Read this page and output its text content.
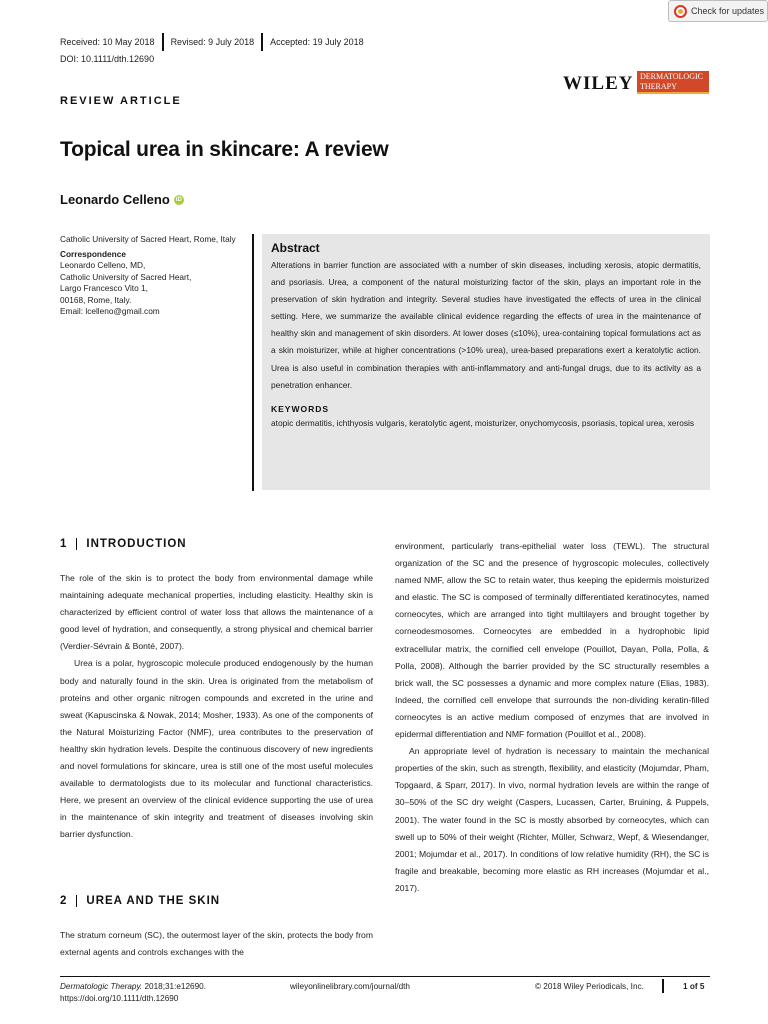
Check for updates
Received: 10 May 2018 Revised: 9 July 2018 Accepted: 19 July 2018
DOI: 10.1111/dth.12690
WILEY DERMATOLOGIC
THERAPY
REVIEW ARTICLE
Topical urea in skincare: A review
Leonardo Celleno	iD
Catholic University of Sacred Heart, Rome, Italy
Correspondence
Leonardo Celleno, MD,
Catholic University of Sacred Heart,
Largo Francesco Vito 1,
00168, Rome, Italy.
Email: lcelleno@gmail.com
Abstract
Alterations in barrier function are associated with a number of skin diseases, including xerosis, atopic dermatitis, and psoriasis. Urea, a component of the natural moisturizing factor of the skin, plays an important role in the preservation of skin hydration and integrity. Several studies have investigated the effects of urea in the clinical setting. Here, we summarize the available clinical evidence regarding the effects of urea in the maintenance of healthy skin and management of skin disorders. At lower doses (≤10%), urea-containing topical formulations act as a skin moisturizer, while at higher concentrations (>10% urea), urea-based preparations exert a keratolytic action. Urea is also useful in combination therapies with anti-inflammatory and anti-fungal drugs, due to its activity as a penetration enhancer.
KEYWORDS
atopic dermatitis, ichthyosis vulgaris, keratolytic agent, moisturizer, onychomycosis, psoriasis, topical urea, xerosis
1 INTRODUCTION

The role of the skin is to protect the body from environmental damage while maintaining adequate mechanical properties, including elasticity. Healthy skin is characterized by efficient control of water loss that allows the maintenance of a good level of hydration, and consequently, a strong physical and chemical barrier (Verdier-Sévrain & Bonté, 2007).

Urea is a polar, hygroscopic molecule produced endogenously by the human body and naturally found in the skin. Urea is originated from the metabolism of proteins and other organic nitrogen compounds and excreted in the urine and sweat (Kapuscinska & Nowak, 2014; Mosher, 1933). As one of the components of the Natural Moisturizing Factor (NMF), urea contributes to the preservation of healthy skin hydration levels. Despite the continuous discovery of new ingredients and novel formulations for skincare, urea is still one of the most useful molecules available to dermatologists due to its molecular and functional characteristics. Here, we present an overview of the clinical evidence supporting the use of urea in the maintenance of skin integrity and treatment of diseases involving skin barrier dysfunction.

2 UREA AND THE SKIN

The stratum corneum (SC), the outermost layer of the skin, protects the body from external agents and controls exchanges with the

environment, particularly trans-epithelial water loss (TEWL). The structural organization of the SC and the presence of hygroscopic molecules, collectively named NMF, allow the SC to retain water, thus keeping the epidermis moisturized and elastic. The SC is composed of terminally differentiated keratinocytes, named corneocytes, which are arranged into tight multilayers and brought together by corneodesmosomes. Corneocytes are embedded in a hydrophobic lipid extracellular matrix, the cornified cell envelope (Pouillot, Dayan, Polla, Polla, & Polla, 2008). Although the barrier provided by the SC structurally resembles a brick wall, the SC possesses a dynamic and more complex nature (Elias, 1983). Indeed, the cornified cell envelope that surrounds the non-dividing keratin-filled corneocytes is an active medium composed of enzymes that are involved in epidermal differentiation and NMF formation (Pouillot et al., 2008).

An appropriate level of hydration is necessary to maintain the mechanical properties of the skin, such as strength, flexibility, and elasticity (Mojumdar, Pham, Topgaard, & Sparr, 2017). In vivo, normal hydration levels are within the range of 30–50% of the SC dry weight (Caspers, Lucassen, Carter, Bruining, & Puppels, 2001). The water found in the SC is mostly absorbed by corneocytes, which can swell up to 50% of their weight (Richter, Müller, Schwarz, Wepf, & Wiesendanger, 2001; Mojumdar et al., 2017). In conditions of low relative humidity (RH), the SC is fragile and breakable, becoming more elastic as RH increases (Mojumdar et al., 2017).

Dermatologic Therapy. 2018;31:e12690.
https://doi.org/10.1111/dth.12690
wileyonlinelibrary.com/journal/dth	© 2018 Wiley Periodicals, Inc.	1 of 5
